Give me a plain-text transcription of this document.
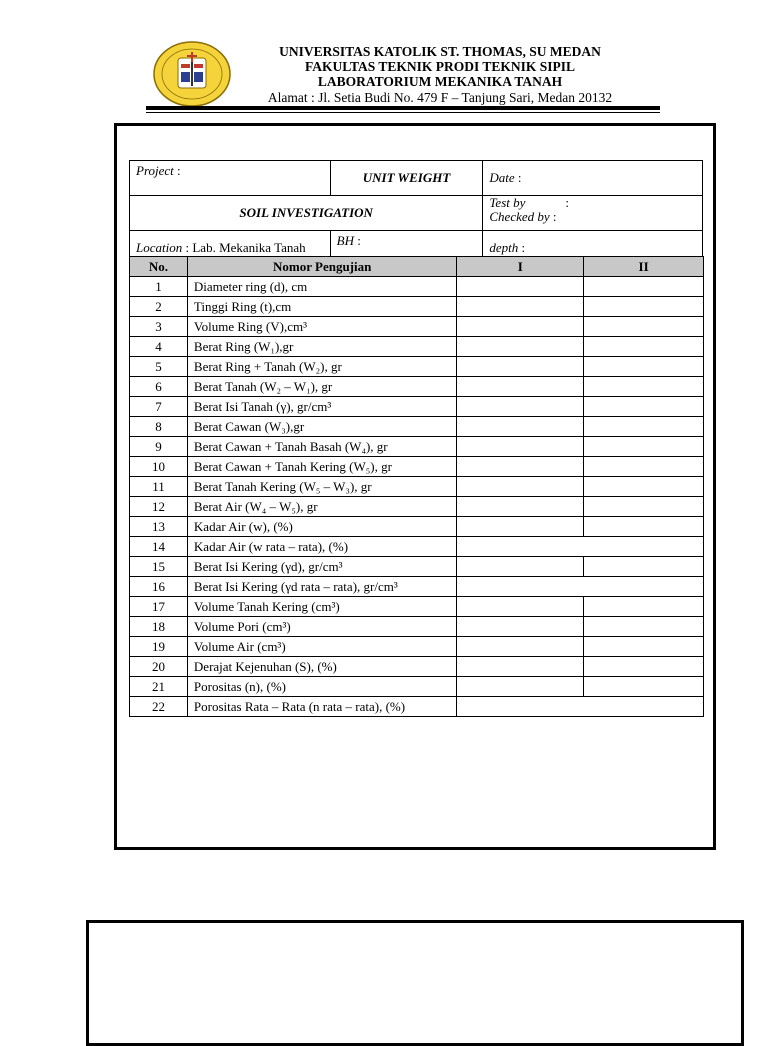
UNIVERSITAS KATOLIK ST. THOMAS, SU MEDAN
FAKULTAS TEKNIK PRODI TEKNIK SIPIL
LABORATORIUM MEKANIKA TANAH
Alamat : Jl. Setia Budi No. 479 F – Tanjung Sari, Medan 20132
Project :	UNIT WEIGHT	Date :
SOIL INVESTIGATION		Test by :
Checked by :
Location : Lab. Mekanika Tanah	BH :	depth :
No.	Nomor Pengujian	I	II
1	Diameter ring (d), cm		
2	Tinggi Ring (t),cm		
3	Volume Ring (V),cm³		
4	Berat Ring (W₁),gr		
5	Berat Ring + Tanah (W₂), gr		
6	Berat Tanah (W₂ – W₁), gr		
7	Berat Isi Tanah (γ), gr/cm³		
8	Berat Cawan (W₃),gr		
9	Berat Cawan + Tanah Basah (W₄), gr		
10	Berat Cawan + Tanah Kering (W₅), gr		
11	Berat Tanah Kering (W₅ – W₃), gr		
12	Berat Air (W₄ – W₅), gr		
13	Kadar Air (w), (%)		
14	Kadar Air (w rata – rata), (%)		
15	Berat Isi Kering (γd), gr/cm³		
16	Berat Isi Kering (γd rata – rata), gr/cm³		
17	Volume Tanah Kering (cm³)		
18	Volume Pori (cm³)		
19	Volume Air (cm³)		
20	Derajat Kejenuhan (S), (%)		
21	Porositas (n), (%)		
22	Porositas Rata – Rata (n rata – rata), (%)		
